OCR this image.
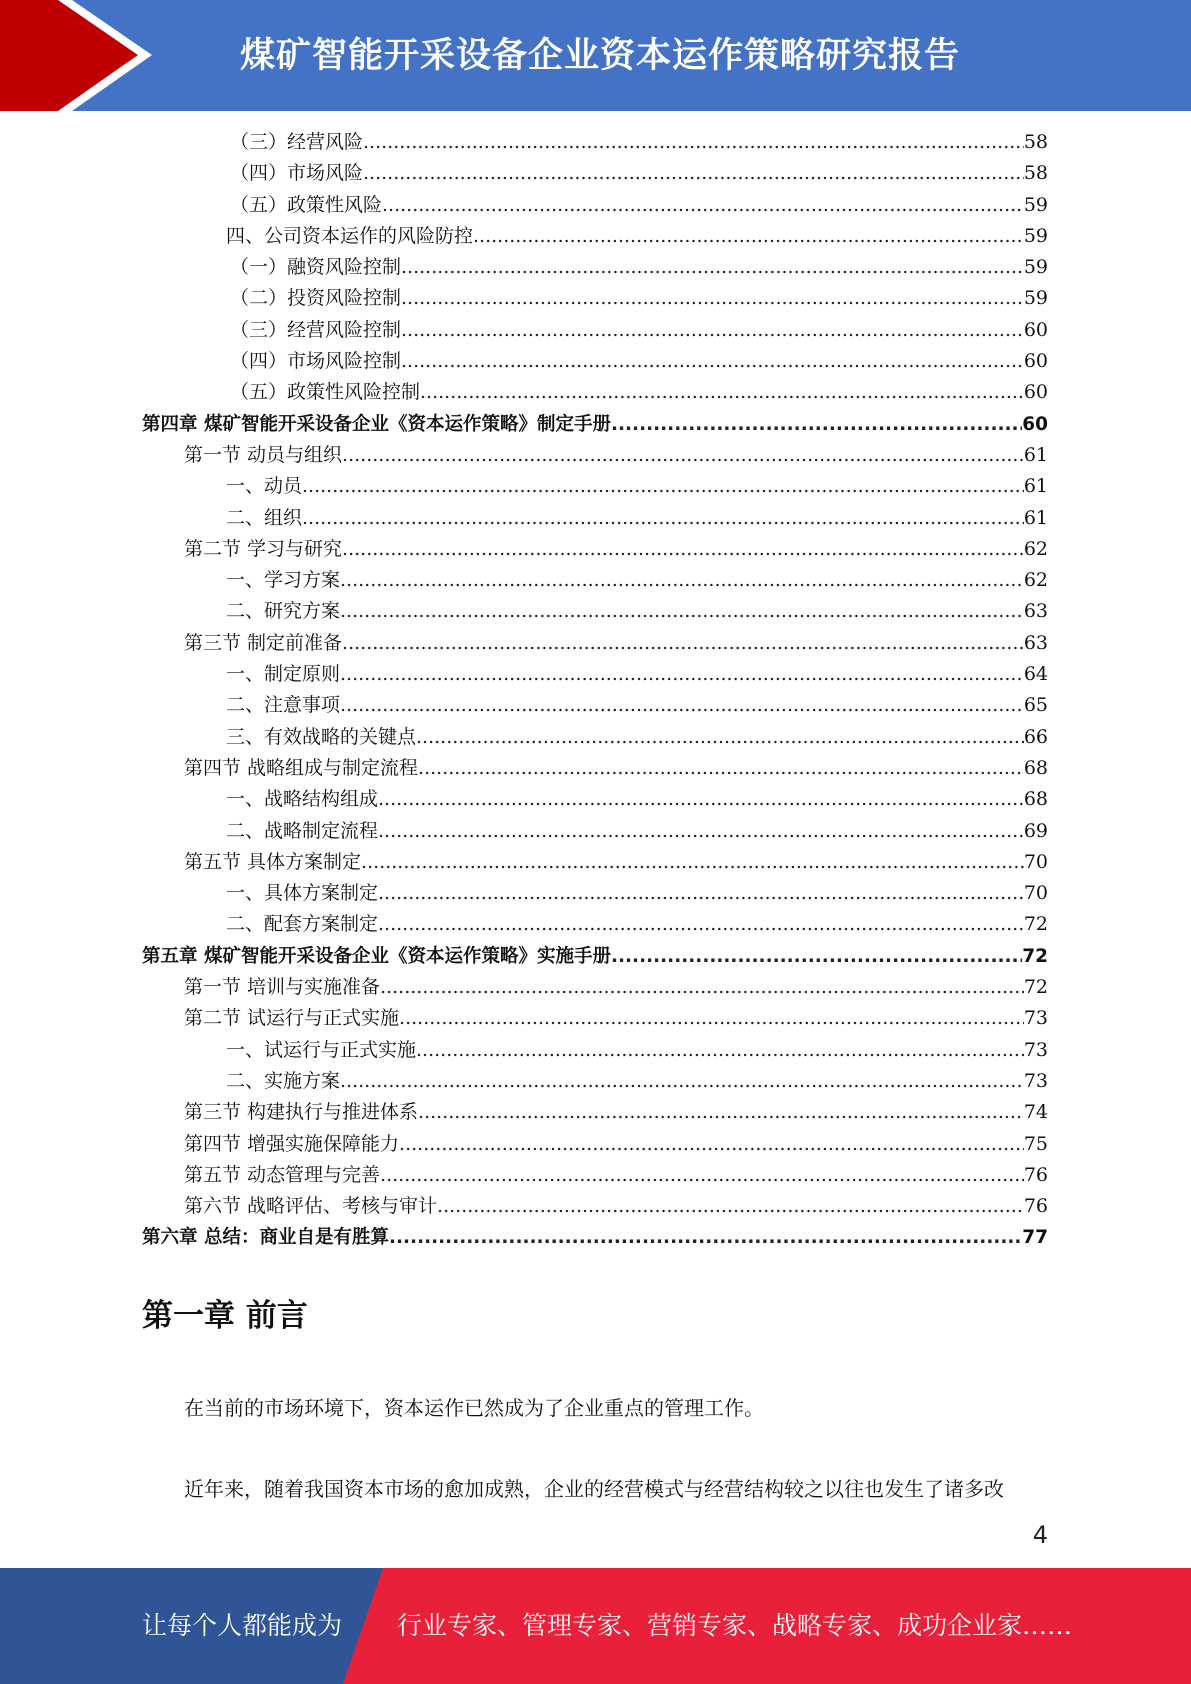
煤矿智能开采设备企业资本运作策略研究报告
（三）经营风险 .....	58
（四）市场风险 .....	58
（五）政策性风险 .....	59
四、公司资本运作的风险防控 .....	59
（一）融资风险控制 .....	59
（二）投资风险控制 .....	59
（三）经营风险控制 .....	60
（四）市场风险控制 .....	60
（五）政策性风险控制 .....	60
第四章 煤矿智能开采设备企业《资本运作策略》制定手册 .....	60
第一节 动员与组织 .....	61
一、动员 .....	61
二、组织 .....	61
第二节 学习与研究 .....	62
一、学习方案 .....	62
二、研究方案 .....	63
第三节 制定前准备 .....	63
一、制定原则 .....	64
二、注意事项 .....	65
三、有效战略的关键点 .....	66
第四节 战略组成与制定流程 .....	68
一、战略结构组成 .....	68
二、战略制定流程 .....	69
第五节 具体方案制定 .....	70
一、具体方案制定 .....	70
二、配套方案制定 .....	72
第五章 煤矿智能开采设备企业《资本运作策略》实施手册 .....	72
第一节 培训与实施准备 .....	72
第二节 试运行与正式实施 .....	73
一、试运行与正式实施 .....	73
二、实施方案 .....	73
第三节 构建执行与推进体系 .....	74
第四节 增强实施保障能力 .....	75
第五节 动态管理与完善 .....	76
第六节 战略评估、考核与审计 .....	76
第六章 总结：商业自是有胜算 .....	77
第一章 前言
在当前的市场环境下，资本运作已然成为了企业重点的管理工作。
近年来，随着我国资本市场的愈加成熟，企业的经营模式与经营结构较之以往也发生了诸多改
4
让每个人都能成为 行业专家、管理专家、营销专家、战略专家、成功企业家……
